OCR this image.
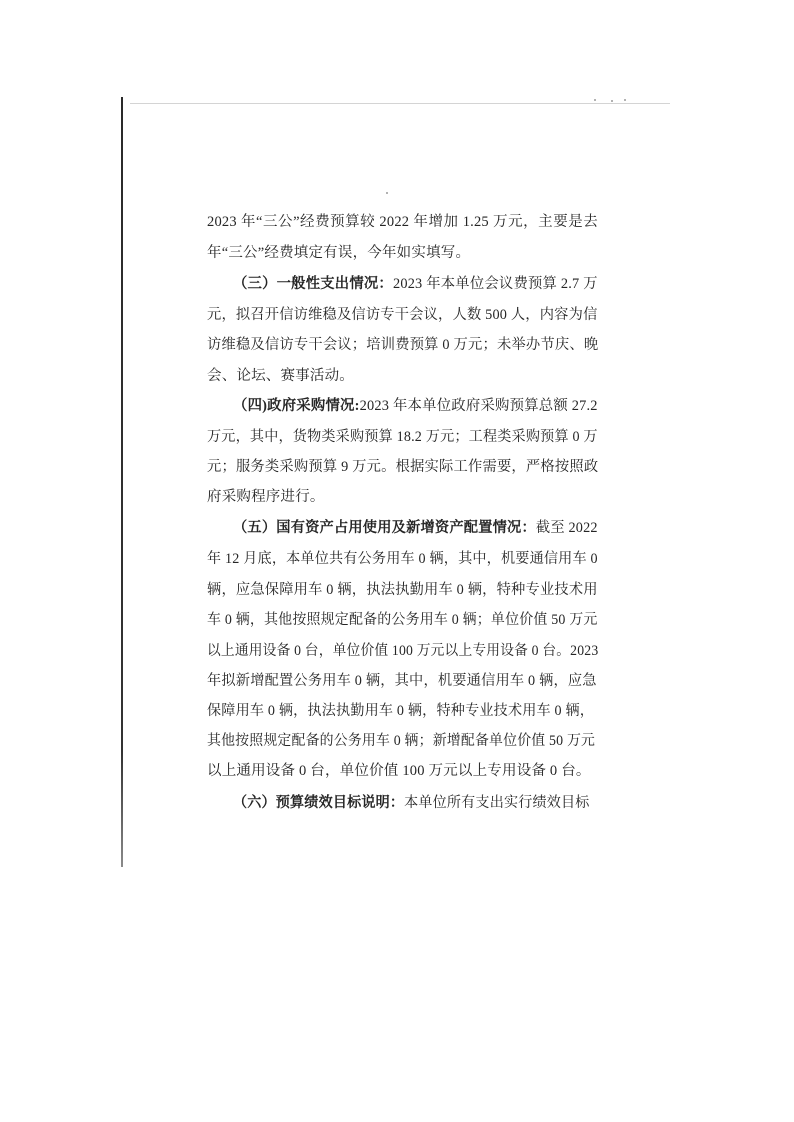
2023 年“三公”经费预算较 2022 年增加 1.25 万元，主要是去
年“三公”经费填定有误，今年如实填写。
（三）一般性支出情况：2023 年本单位会议费预算 2.7 万
元，拟召开信访维稳及信访专干会议，人数 500 人，内容为信
访维稳及信访专干会议；培训费预算 0 万元；未举办节庆、晚
会、论坛、赛事活动。
（四)政府采购情况:2023 年本单位政府采购预算总额 27.2
万元，其中，货物类采购预算 18.2 万元；工程类采购预算 0 万
元；服务类采购预算 9 万元。根据实际工作需要，严格按照政
府采购程序进行。
（五）国有资产占用使用及新增资产配置情况：截至 2022
年 12 月底，本单位共有公务用车 0 辆，其中，机要通信用车 0
辆，应急保障用车 0 辆，执法执勤用车 0 辆，特种专业技术用
车 0 辆，其他按照规定配备的公务用车 0 辆；单位价值 50 万元
以上通用设备 0 台，单位价值 100 万元以上专用设备 0 台。2023
年拟新增配置公务用车 0 辆，其中，机要通信用车 0 辆，应急
保障用车 0 辆，执法执勤用车 0 辆，特种专业技术用车 0 辆，
其他按照规定配备的公务用车 0 辆；新增配备单位价值 50 万元
以上通用设备 0 台，单位价值 100 万元以上专用设备 0 台。
（六）预算绩效目标说明：本单位所有支出实行绩效目标
